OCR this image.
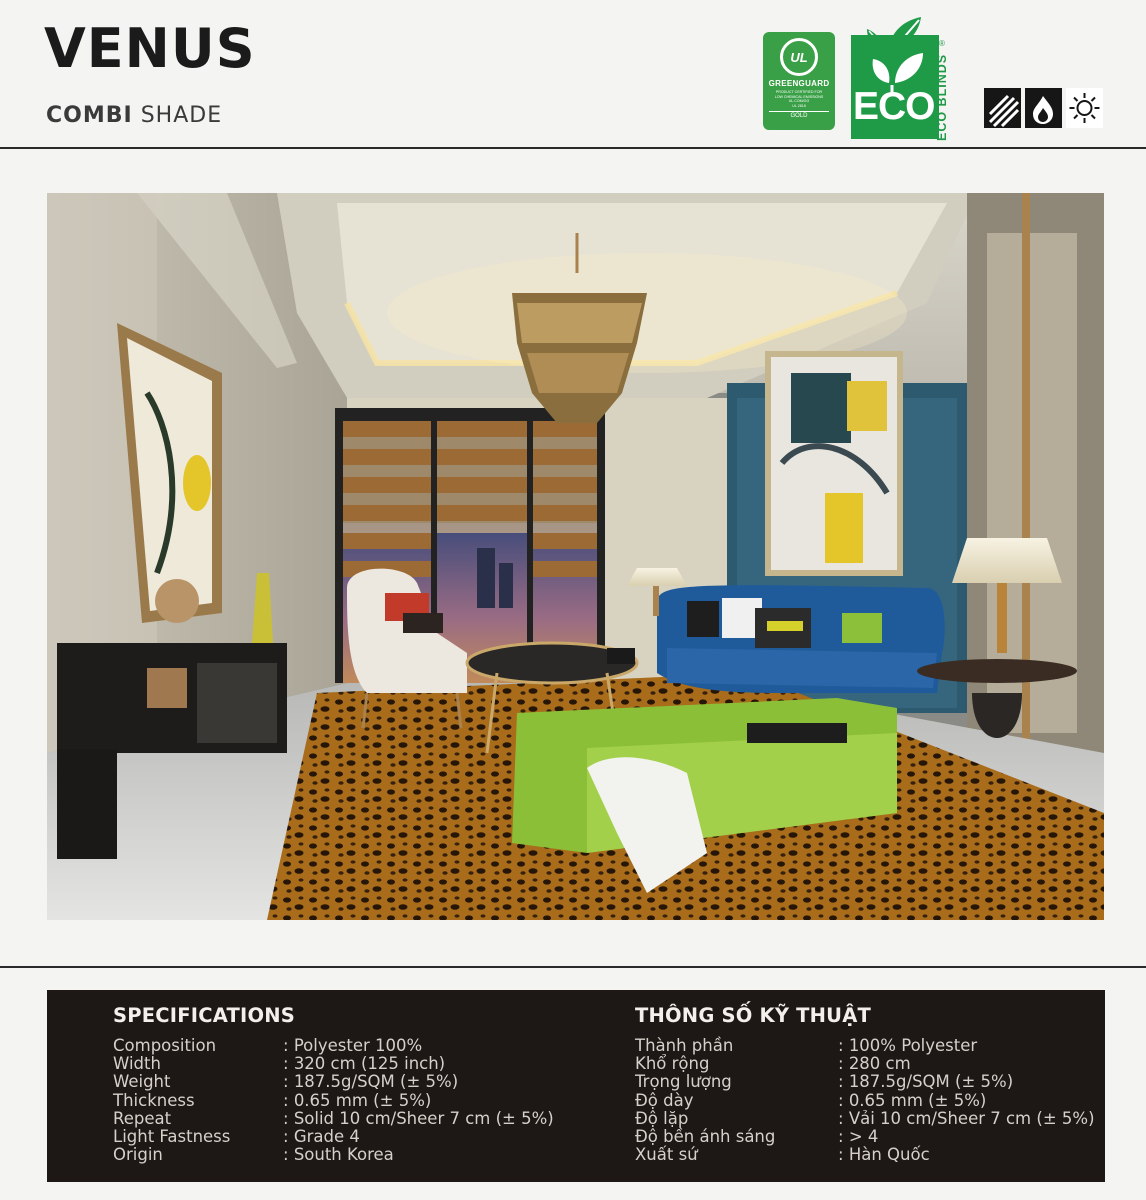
VENUS
COMBI SHADE
UL
GREENGUARD
PRODUCT CERTIFIED FOR
LOW CHEMICAL EMISSIONS
UL.COM/GG
UL 2818
GOLD	ECO
®
ECO BLINDS
SPECIFICATIONS
Composition	: Polyester 100%
Width	: 320 cm (125 inch)
Weight	: 187.5g/SQM (± 5%)
Thickness	: 0.65 mm (± 5%)
Repeat	: Solid 10 cm/Sheer 7 cm (± 5%)
Light Fastness	: Grade 4
Origin	: South Korea
THÔNG SỐ KỸ THUẬT
Thành phần	: 100% Polyester
Khổ rộng	: 280 cm
Trọng lượng	: 187.5g/SQM (± 5%)
Độ dày	: 0.65 mm (± 5%)
Độ lặp	: Vải 10 cm/Sheer 7 cm (± 5%)
Độ bền ánh sáng	: > 4
Xuất sứ	: Hàn Quốc
